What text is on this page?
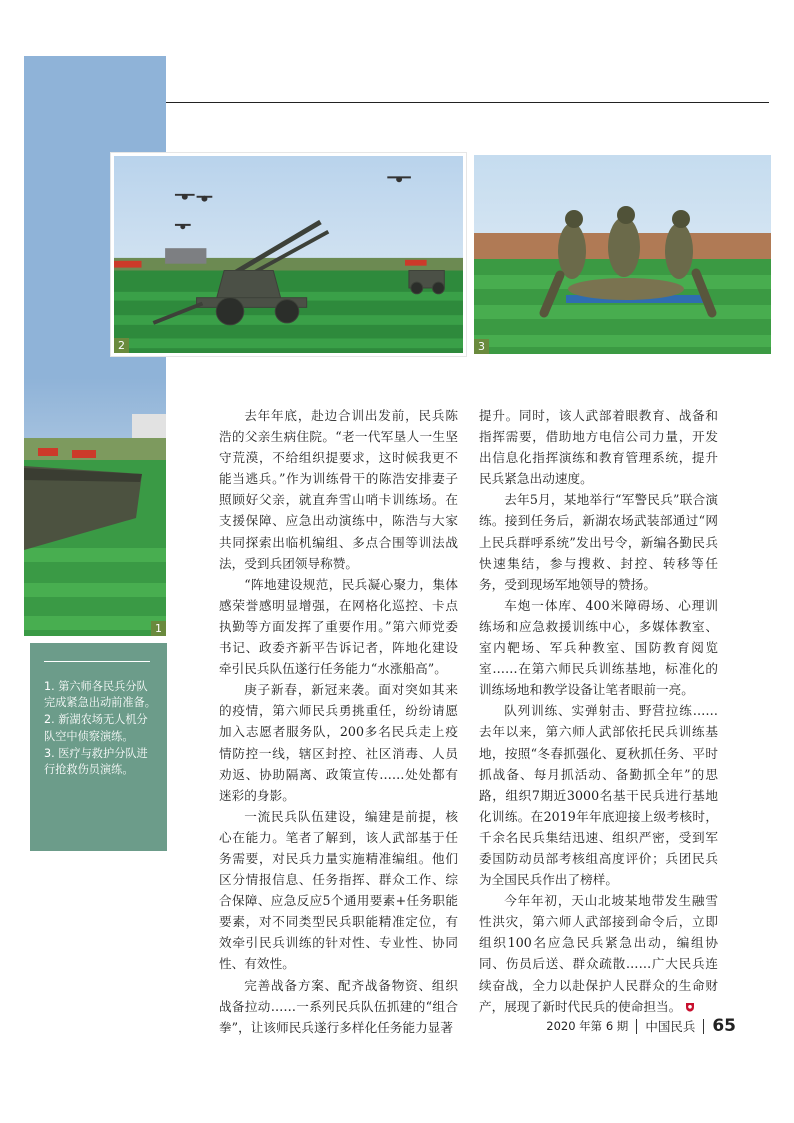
2	3
1
1. 第六师各民兵分队完成紧急出动前准备。
2. 新湖农场无人机分队空中侦察演练。
3. 医疗与救护分队进行抢救伤员演练。

去年年底，赴边合训出发前，民兵陈浩的父亲生病住院。“老一代军垦人一生坚守荒漠，不给组织提要求，这时候我更不能当逃兵。”作为训练骨干的陈浩安排妻子照顾好父亲，就直奔雪山哨卡训练场。在支援保障、应急出动演练中，陈浩与大家共同探索出临机编组、多点合围等训法战法，受到兵团领导称赞。

“阵地建设规范，民兵凝心聚力，集体感荣誉感明显增强，在网格化巡控、卡点执勤等方面发挥了重要作用。”第六师党委书记、政委齐新平告诉记者，阵地化建设牵引民兵队伍遂行任务能力“水涨船高”。

庚子新春，新冠来袭。面对突如其来的疫情，第六师民兵勇挑重任，纷纷请愿加入志愿者服务队，200多名民兵走上疫情防控一线，辖区封控、社区消毒、人员劝返、协助隔离、政策宣传……处处都有迷彩的身影。

一流民兵队伍建设，编建是前提，核心在能力。笔者了解到，该人武部基于任务需要，对民兵力量实施精准编组。他们区分情报信息、任务指挥、群众工作、综合保障、应急反应5个通用要素+任务职能要素，对不同类型民兵职能精准定位，有效牵引民兵训练的针对性、专业性、协同性、有效性。

完善战备方案、配齐战备物资、组织战备拉动……一系列民兵队伍抓建的“组合拳”，让该师民兵遂行多样化任务能力显著

提升。同时，该人武部着眼教育、战备和指挥需要，借助地方电信公司力量，开发出信息化指挥演练和教育管理系统，提升民兵紧急出动速度。

去年5月，某地举行“军警民兵”联合演练。接到任务后，新湖农场武装部通过“网上民兵群呼系统”发出号令，新编各勤民兵快速集结，参与搜救、封控、转移等任务，受到现场军地领导的赞扬。

车炮一体库、400米障碍场、心理训练场和应急救援训练中心，多媒体教室、室内靶场、军兵种教室、国防教育阅览室……在第六师民兵训练基地，标准化的训练场地和教学设备让笔者眼前一亮。

队列训练、实弹射击、野营拉练……去年以来，第六师人武部依托民兵训练基地，按照“冬春抓强化、夏秋抓任务、平时抓战备、每月抓活动、备勤抓全年”的思路，组织7期近3000名基干民兵进行基地化训练。在2019年年底迎接上级考核时，千余名民兵集结迅速、组织严密，受到军委国防动员部考核组高度评价；兵团民兵为全国民兵作出了榜样。

今年年初，天山北坡某地带发生融雪性洪灾，第六师人武部接到命令后，立即组织100名应急民兵紧急出动，编组协同、伤员后送、群众疏散……广大民兵连续奋战，全力以赴保护人民群众的生命财产，展现了新时代民兵的使命担当。

2020 年第 6 期 中国民兵 65
